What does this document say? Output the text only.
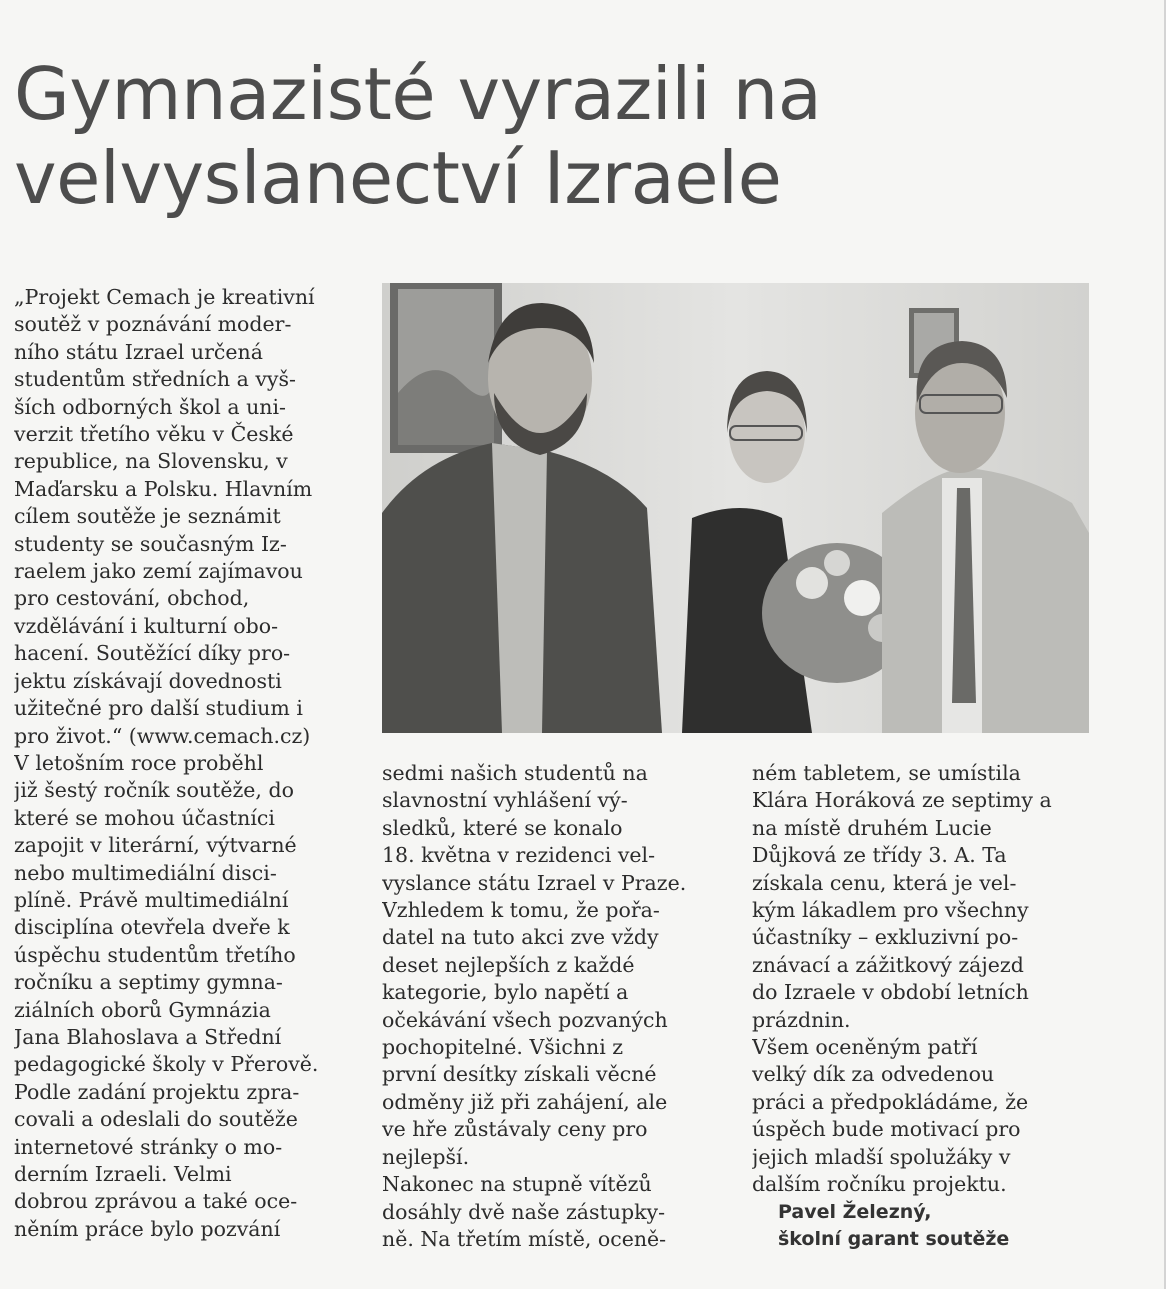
Gymnazisté vyrazili na
velvyslanectví Izraele
„Projekt Cemach je kreativní
soutěž v poznávání moder-
ního státu Izrael určená
studentům středních a vyš-
ších odborných škol a uni-
verzit třetího věku v České
republice, na Slovensku, v
Maďarsku a Polsku. Hlavním
cílem soutěže je seznámit
studenty se současným Iz-
raelem jako zemí zajímavou
pro cestování, obchod,
vzdělávání i kulturní obo-
hacení. Soutěžící díky pro-
jektu získávají dovednosti
užitečné pro další studium i
pro život.“ (www.cemach.cz)
V letošním roce proběhl
již šestý ročník soutěže, do
které se mohou účastníci
zapojit v literární, výtvarné
nebo multimediální disci-
plíně. Právě multimediální
disciplína otevřela dveře k
úspěchu studentům třetího
ročníku a septimy gymna-
ziálních oborů Gymnázia
Jana Blahoslava a Střední
pedagogické školy v Přerově.
Podle zadání projektu zpra-
covali a odeslali do soutěže
internetové stránky o mo-
derním Izraeli. Velmi
dobrou zprávou a také oce-
něním práce bylo pozvání
sedmi našich studentů na
slavnostní vyhlášení vý-
sledků, které se konalo
18. května v rezidenci vel-
vyslance státu Izrael v Praze.
Vzhledem k tomu, že pořa-
datel na tuto akci zve vždy
deset nejlepších z každé
kategorie, bylo napětí a
očekávání všech pozvaných
pochopitelné. Všichni z
první desítky získali věcné
odměny již při zahájení, ale
ve hře zůstávaly ceny pro
nejlepší.
Nakonec na stupně vítězů
dosáhly dvě naše zástupky-
ně. Na třetím místě, oceně-
ném tabletem, se umístila
Klára Horáková ze septimy a
na místě druhém Lucie
Důjková ze třídy 3. A. Ta
získala cenu, která je vel-
kým lákadlem pro všechny
účastníky – exkluzivní po-
znávací a zážitkový zájezd
do Izraele v období letních
prázdnin.
Všem oceněným patří
velký dík za odvedenou
práci a předpokládáme, že
úspěch bude motivací pro
jejich mladší spolužáky v
dalším ročníku projektu.
Pavel Železný,
školní garant soutěže
